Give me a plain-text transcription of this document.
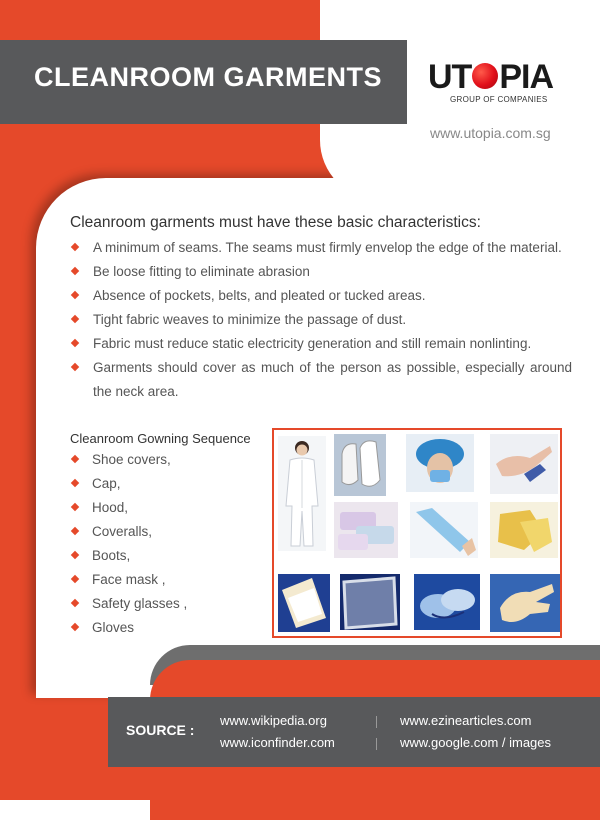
CLEANROOM GARMENTS UT PIA
GROUP OF COMPANIES
www.utopia.com.sg
Cleanroom garments must have these basic characteristics:
A minimum of seams. The seams must firmly envelop the edge of the material.
Be loose fitting to eliminate abrasion
Absence of pockets, belts, and pleated or tucked areas.
Tight fabric weaves to minimize the passage of dust.
Fabric must reduce static electricity generation and still remain nonlinting.
Garments should cover as much of the person as possible, especially around the neck area.
Cleanroom Gowning Sequence
Shoe covers,
Cap,
Hood,
Coveralls,
Boots,
Face mask ,
Safety glasses ,
Gloves
SOURCE :
www.wikipedia.org	www.ezinearticles.com
www.iconfinder.com	www.google.com / images
